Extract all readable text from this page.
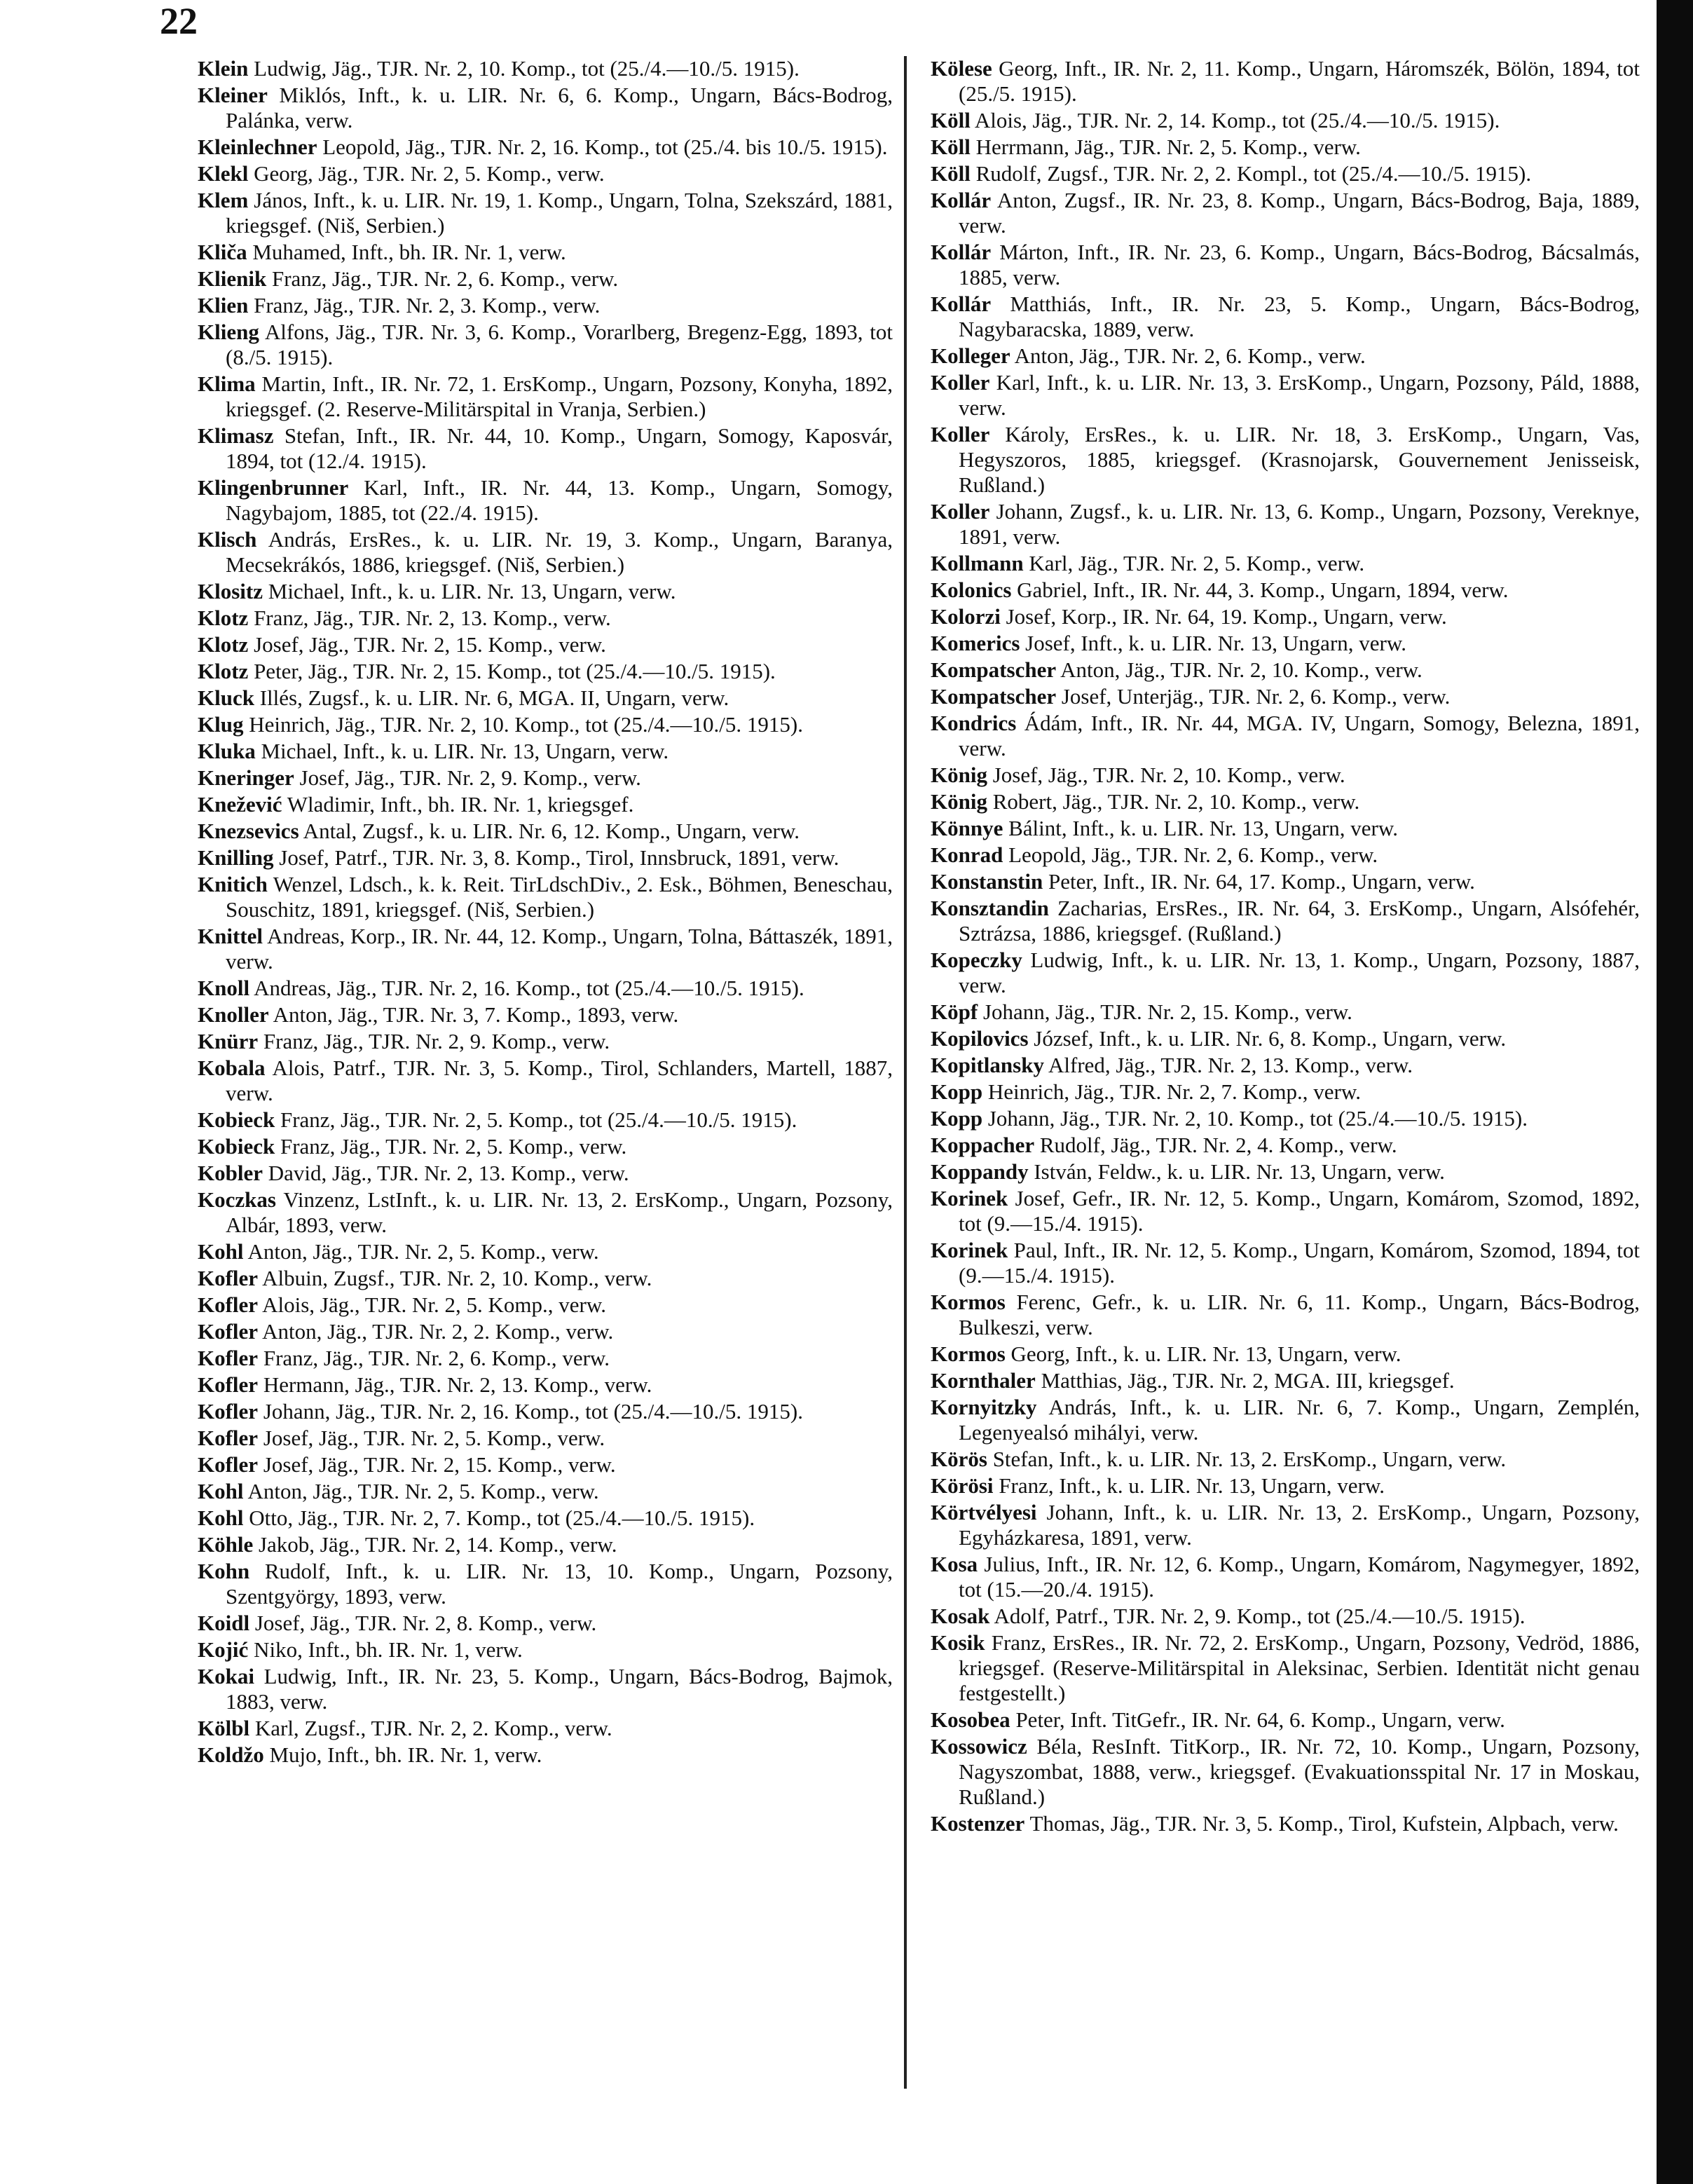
22
Klein Ludwig, Jäg., TJR. Nr. 2, 10. Komp., tot (25./4.—10./5. 1915).
Kleiner Miklós, Inft., k. u. LIR. Nr. 6, 6. Komp., Ungarn, Bács-Bodrog, Palánka, verw.
Kleinlechner Leopold, Jäg., TJR. Nr. 2, 16. Komp., tot (25./4. bis 10./5. 1915).
Klekl Georg, Jäg., TJR. Nr. 2, 5. Komp., verw.
Klem János, Inft., k. u. LIR. Nr. 19, 1. Komp., Ungarn, Tolna, Szekszárd, 1881, kriegsgef. (Niš, Serbien.)
Kliča Muhamed, Inft., bh. IR. Nr. 1, verw.
Klienik Franz, Jäg., TJR. Nr. 2, 6. Komp., verw.
Klien Franz, Jäg., TJR. Nr. 2, 3. Komp., verw.
Klieng Alfons, Jäg., TJR. Nr. 3, 6. Komp., Vorarlberg, Bregenz-Egg, 1893, tot (8./5. 1915).
Klima Martin, Inft., IR. Nr. 72, 1. ErsKomp., Ungarn, Pozsony, Konyha, 1892, kriegsgef. (2. Reserve-Militärspital in Vranja, Serbien.)
Klimasz Stefan, Inft., IR. Nr. 44, 10. Komp., Ungarn, Somogy, Kaposvár, 1894, tot (12./4. 1915).
Klingenbrunner Karl, Inft., IR. Nr. 44, 13. Komp., Ungarn, Somogy, Nagybajom, 1885, tot (22./4. 1915).
Klisch András, ErsRes., k. u. LIR. Nr. 19, 3. Komp., Ungarn, Baranya, Mecsekrákós, 1886, kriegsgef. (Niš, Serbien.)
Klositz Michael, Inft., k. u. LIR. Nr. 13, Ungarn, verw.
Klotz Franz, Jäg., TJR. Nr. 2, 13. Komp., verw.
Klotz Josef, Jäg., TJR. Nr. 2, 15. Komp., verw.
Klotz Peter, Jäg., TJR. Nr. 2, 15. Komp., tot (25./4.—10./5. 1915).
Kluck Illés, Zugsf., k. u. LIR. Nr. 6, MGA. II, Ungarn, verw.
Klug Heinrich, Jäg., TJR. Nr. 2, 10. Komp., tot (25./4.—10./5. 1915).
Kluka Michael, Inft., k. u. LIR. Nr. 13, Ungarn, verw.
Kneringer Josef, Jäg., TJR. Nr. 2, 9. Komp., verw.
Knežević Wladimir, Inft., bh. IR. Nr. 1, kriegsgef.
Knezsevics Antal, Zugsf., k. u. LIR. Nr. 6, 12. Komp., Ungarn, verw.
Knilling Josef, Patrf., TJR. Nr. 3, 8. Komp., Tirol, Innsbruck, 1891, verw.
Knitich Wenzel, Ldsch., k. k. Reit. TirLdschDiv., 2. Esk., Böhmen, Beneschau, Souschitz, 1891, kriegsgef. (Niš, Serbien.)
Knittel Andreas, Korp., IR. Nr. 44, 12. Komp., Ungarn, Tolna, Báttaszék, 1891, verw.
Knoll Andreas, Jäg., TJR. Nr. 2, 16. Komp., tot (25./4.—10./5. 1915).
Knoller Anton, Jäg., TJR. Nr. 3, 7. Komp., 1893, verw.
Knürr Franz, Jäg., TJR. Nr. 2, 9. Komp., verw.
Kobala Alois, Patrf., TJR. Nr. 3, 5. Komp., Tirol, Schlanders, Martell, 1887, verw.
Kobieck Franz, Jäg., TJR. Nr. 2, 5. Komp., tot (25./4.—10./5. 1915).
Kobieck Franz, Jäg., TJR. Nr. 2, 5. Komp., verw.
Kobler David, Jäg., TJR. Nr. 2, 13. Komp., verw.
Koczkas Vinzenz, LstInft., k. u. LIR. Nr. 13, 2. ErsKomp., Ungarn, Pozsony, Albár, 1893, verw.
Kohl Anton, Jäg., TJR. Nr. 2, 5. Komp., verw.
Kofler Albuin, Zugsf., TJR. Nr. 2, 10. Komp., verw.
Kofler Alois, Jäg., TJR. Nr. 2, 5. Komp., verw.
Kofler Anton, Jäg., TJR. Nr. 2, 2. Komp., verw.
Kofler Franz, Jäg., TJR. Nr. 2, 6. Komp., verw.
Kofler Hermann, Jäg., TJR. Nr. 2, 13. Komp., verw.
Kofler Johann, Jäg., TJR. Nr. 2, 16. Komp., tot (25./4.—10./5. 1915).
Kofler Josef, Jäg., TJR. Nr. 2, 5. Komp., verw.
Kofler Josef, Jäg., TJR. Nr. 2, 15. Komp., verw.
Kohl Anton, Jäg., TJR. Nr. 2, 5. Komp., verw.
Kohl Otto, Jäg., TJR. Nr. 2, 7. Komp., tot (25./4.—10./5. 1915).
Köhle Jakob, Jäg., TJR. Nr. 2, 14. Komp., verw.
Kohn Rudolf, Inft., k. u. LIR. Nr. 13, 10. Komp., Ungarn, Pozsony, Szentgyörgy, 1893, verw.
Koidl Josef, Jäg., TJR. Nr. 2, 8. Komp., verw.
Kojić Niko, Inft., bh. IR. Nr. 1, verw.
Kokai Ludwig, Inft., IR. Nr. 23, 5. Komp., Ungarn, Bács-Bodrog, Bajmok, 1883, verw.
Kölbl Karl, Zugsf., TJR. Nr. 2, 2. Komp., verw.
Koldžo Mujo, Inft., bh. IR. Nr. 1, verw.
Kölese Georg, Inft., IR. Nr. 2, 11. Komp., Ungarn, Háromszék, Bölön, 1894, tot (25./5. 1915).
Köll Alois, Jäg., TJR. Nr. 2, 14. Komp., tot (25./4.—10./5. 1915).
Köll Herrmann, Jäg., TJR. Nr. 2, 5. Komp., verw.
Köll Rudolf, Zugsf., TJR. Nr. 2, 2. Kompl., tot (25./4.—10./5. 1915).
Kollár Anton, Zugsf., IR. Nr. 23, 8. Komp., Ungarn, Bács-Bodrog, Baja, 1889, verw.
Kollár Márton, Inft., IR. Nr. 23, 6. Komp., Ungarn, Bács-Bodrog, Bácsalmás, 1885, verw.
Kollár Matthiás, Inft., IR. Nr. 23, 5. Komp., Ungarn, Bács-Bodrog, Nagybaracska, 1889, verw.
Kolleger Anton, Jäg., TJR. Nr. 2, 6. Komp., verw.
Koller Karl, Inft., k. u. LIR. Nr. 13, 3. ErsKomp., Ungarn, Pozsony, Páld, 1888, verw.
Koller Károly, ErsRes., k. u. LIR. Nr. 18, 3. ErsKomp., Ungarn, Vas, Hegyszoros, 1885, kriegsgef. (Krasnojarsk, Gouvernement Jenisseisk, Rußland.)
Koller Johann, Zugsf., k. u. LIR. Nr. 13, 6. Komp., Ungarn, Pozsony, Vereknye, 1891, verw.
Kollmann Karl, Jäg., TJR. Nr. 2, 5. Komp., verw.
Kolonics Gabriel, Inft., IR. Nr. 44, 3. Komp., Ungarn, 1894, verw.
Kolorzi Josef, Korp., IR. Nr. 64, 19. Komp., Ungarn, verw.
Komerics Josef, Inft., k. u. LIR. Nr. 13, Ungarn, verw.
Kompatscher Anton, Jäg., TJR. Nr. 2, 10. Komp., verw.
Kompatscher Josef, Unterjäg., TJR. Nr. 2, 6. Komp., verw.
Kondrics Ádám, Inft., IR. Nr. 44, MGA. IV, Ungarn, Somogy, Belezna, 1891, verw.
König Josef, Jäg., TJR. Nr. 2, 10. Komp., verw.
König Robert, Jäg., TJR. Nr. 2, 10. Komp., verw.
Könnye Bálint, Inft., k. u. LIR. Nr. 13, Ungarn, verw.
Konrad Leopold, Jäg., TJR. Nr. 2, 6. Komp., verw.
Konstanstin Peter, Inft., IR. Nr. 64, 17. Komp., Ungarn, verw.
Konsztandin Zacharias, ErsRes., IR. Nr. 64, 3. ErsKomp., Ungarn, Alsófehér, Sztrázsa, 1886, kriegsgef. (Rußland.)
Kopeczky Ludwig, Inft., k. u. LIR. Nr. 13, 1. Komp., Ungarn, Pozsony, 1887, verw.
Köpf Johann, Jäg., TJR. Nr. 2, 15. Komp., verw.
Kopilovics József, Inft., k. u. LIR. Nr. 6, 8. Komp., Ungarn, verw.
Kopitlansky Alfred, Jäg., TJR. Nr. 2, 13. Komp., verw.
Kopp Heinrich, Jäg., TJR. Nr. 2, 7. Komp., verw.
Kopp Johann, Jäg., TJR. Nr. 2, 10. Komp., tot (25./4.—10./5. 1915).
Koppacher Rudolf, Jäg., TJR. Nr. 2, 4. Komp., verw.
Koppandy István, Feldw., k. u. LIR. Nr. 13, Ungarn, verw.
Korinek Josef, Gefr., IR. Nr. 12, 5. Komp., Ungarn, Komárom, Szomod, 1892, tot (9.—15./4. 1915).
Korinek Paul, Inft., IR. Nr. 12, 5. Komp., Ungarn, Komárom, Szomod, 1894, tot (9.—15./4. 1915).
Kormos Ferenc, Gefr., k. u. LIR. Nr. 6, 11. Komp., Ungarn, Bács-Bodrog, Bulkeszi, verw.
Kormos Georg, Inft., k. u. LIR. Nr. 13, Ungarn, verw.
Kornthaler Matthias, Jäg., TJR. Nr. 2, MGA. III, kriegsgef.
Kornyitzky András, Inft., k. u. LIR. Nr. 6, 7. Komp., Ungarn, Zemplén, Legenyealsó mihályi, verw.
Körös Stefan, Inft., k. u. LIR. Nr. 13, 2. ErsKomp., Ungarn, verw.
Körösi Franz, Inft., k. u. LIR. Nr. 13, Ungarn, verw.
Körtvélyesi Johann, Inft., k. u. LIR. Nr. 13, 2. ErsKomp., Ungarn, Pozsony, Egyházkaresa, 1891, verw.
Kosa Julius, Inft., IR. Nr. 12, 6. Komp., Ungarn, Komárom, Nagymegyer, 1892, tot (15.—20./4. 1915).
Kosak Adolf, Patrf., TJR. Nr. 2, 9. Komp., tot (25./4.—10./5. 1915).
Kosik Franz, ErsRes., IR. Nr. 72, 2. ErsKomp., Ungarn, Pozsony, Vedröd, 1886, kriegsgef. (Reserve-Militärspital in Aleksinac, Serbien. Identität nicht genau festgestellt.)
Kosobea Peter, Inft. TitGefr., IR. Nr. 64, 6. Komp., Ungarn, verw.
Kossowicz Béla, ResInft. TitKorp., IR. Nr. 72, 10. Komp., Ungarn, Pozsony, Nagyszombat, 1888, verw., kriegsgef. (Evakuationsspital Nr. 17 in Moskau, Rußland.)
Kostenzer Thomas, Jäg., TJR. Nr. 3, 5. Komp., Tirol, Kufstein, Alpbach, verw.
